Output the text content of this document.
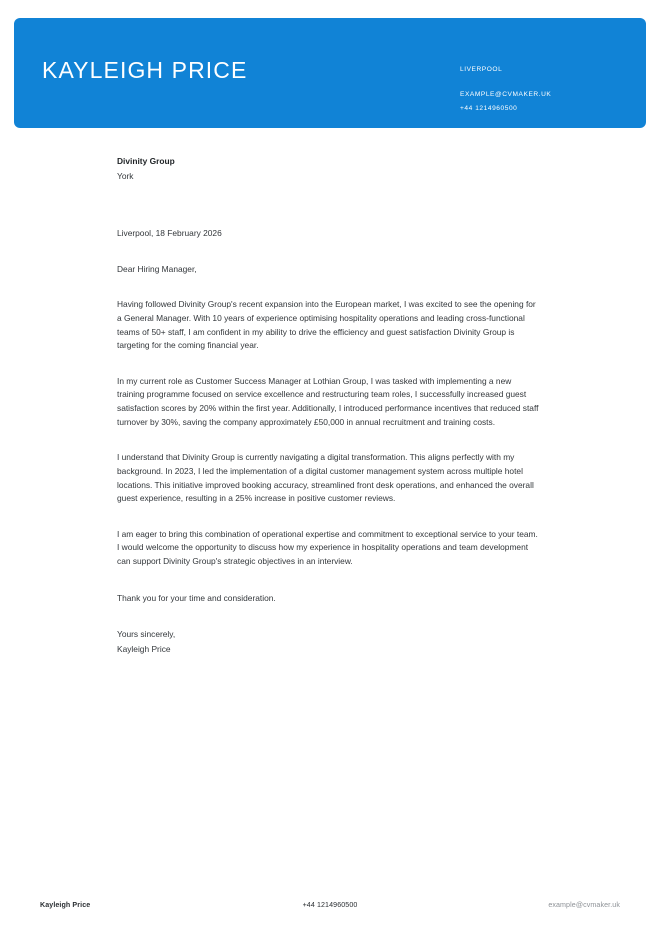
KAYLEIGH PRICE	LIVERPOOL
EXAMPLE@CVMAKER.UK
+44 1214960500
Divinity Group
York
Liverpool, 18 February 2026
Dear Hiring Manager,

Having followed Divinity Group's recent expansion into the European market, I was excited to see the opening for a General Manager. With 10 years of experience optimising hospitality operations and leading cross-functional teams of 50+ staff, I am confident in my ability to drive the efficiency and guest satisfaction Divinity Group is targeting for the coming financial year.

In my current role as Customer Success Manager at Lothian Group, I was tasked with implementing a new training programme focused on service excellence and restructuring team roles, I successfully increased guest satisfaction scores by 20% within the first year. Additionally, I introduced performance incentives that reduced staff turnover by 30%, saving the company approximately £50,000 in annual recruitment and training costs.

I understand that Divinity Group is currently navigating a digital transformation. This aligns perfectly with my background. In 2023, I led the implementation of a digital customer management system across multiple hotel locations. This initiative improved booking accuracy, streamlined front desk operations, and enhanced the overall guest experience, resulting in a 25% increase in positive customer reviews.

I am eager to bring this combination of operational expertise and commitment to exceptional service to your team. I would welcome the opportunity to discuss how my experience in hospitality operations and team development can support Divinity Group's strategic objectives in an interview.

Thank you for your time and consideration.
Yours sincerely,
Kayleigh Price
Kayleigh Price	+44 1214960500	example@cvmaker.uk
